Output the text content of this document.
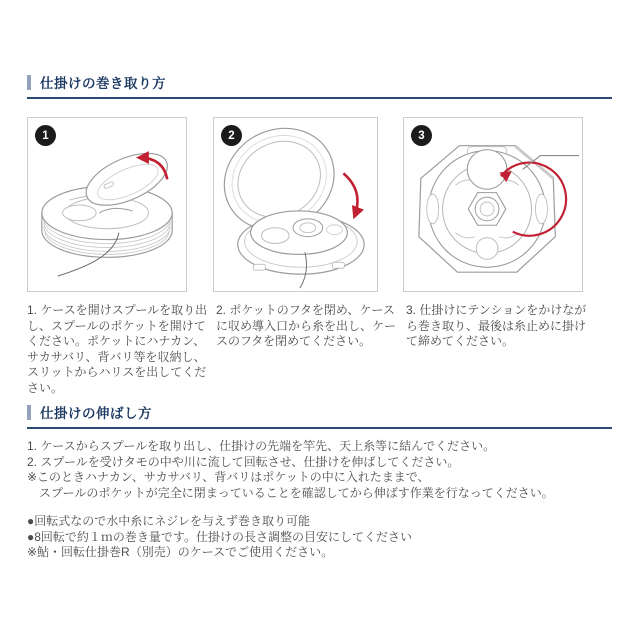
仕掛けの巻き取り方
1	2	3
1. ケースを開けスプールを取り出し、スプールのポケットを開けてください。ポケットにハナカン、サカサバリ、背バリ等を収納し、スリットからハリスを出してください。
2. ポケットのフタを閉め、ケースに収め導入口から糸を出し、ケースのフタを閉めてください。
3. 仕掛けにテンションをかけながら巻き取り、最後は糸止めに掛けて締めてください。
仕掛けの伸ばし方
1. ケースからスプールを取り出し、仕掛けの先端を竿先、天上糸等に結んでください。
2. スプールを受けタモの中や川に流して回転させ、仕掛けを伸ばしてください。
※このときハナカン、サカサバリ、背バリはポケットの中に入れたままで、
　スプールのポケットが完全に閉まっていることを確認してから伸ばす作業を行なってください。
●回転式なので水中糸にネジレを与えず巻き取り可能
●8回転で約１ｍの巻き量です。仕掛けの長さ調整の目安にしてください
※鮎・回転仕掛巻R（別売）のケースでご使用ください。
